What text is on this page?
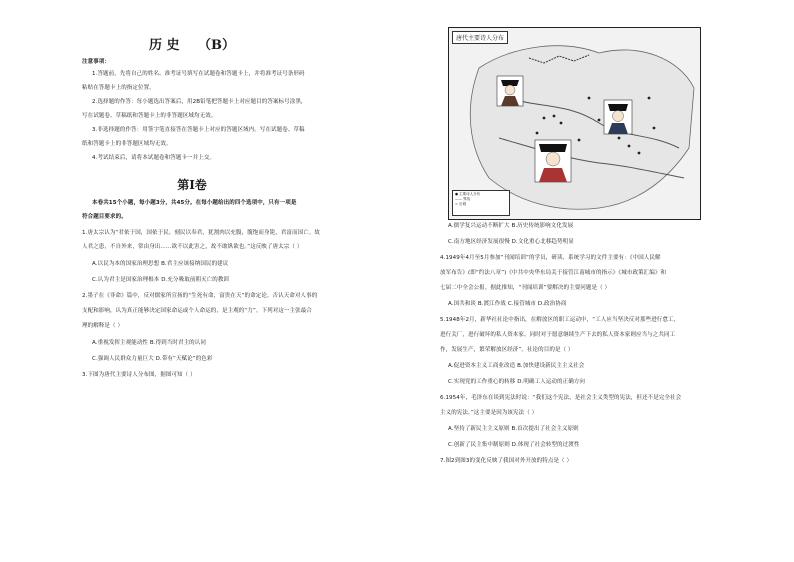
历 史 （B）

注意事项：

1.答题前，先将自己的姓名、准考证号填写在试题卷和答题卡上，并将准考证号条形码

粘贴在答题卡上的指定位置。

2.选择题的作答：每小题选出答案后，用2B铅笔把答题卡上对应题目的答案标号涂黑，

写在试题卷、草稿纸和答题卡上的非答题区域均无效。

3.非选择题的作答：用签字笔直接答在答题卡上对应的答题区域内。写在试题卷、草稿

纸和答题卡上的非答题区域均无效。

4.考试结束后，请将本试题卷和答题卡一并上交。

第Ⅰ卷

本卷共15个小题，每小题3分，共45分。在每小题给出的四个选项中，只有一项是

符合题目要求的。

1.唐太宗认为“君依于国，国依于民。刻民以奉君，犹割肉以充腹，腹饱而身毙，君富而国亡。故

人君之患，不自外来，常由身出……欲不以此害之，故不敢纵欲也。”这反映了唐太宗（ ）

A.以民为本的国家治理思想 B.君主应该接纳国民的建议

C.认为君主是国家治理根本 D.充分吸取前朝灭亡的教训

2.墨子在《非命》篇中，反对儒家所宣扬的“生死有命，富贵在天”的命定论，否认天命对人事的

支配和影响，认为真正能够决定国家命运或个人命运的，是主观的“力”。下列对这一主张最合

理的解释是（ ）

A.重视发挥主观能动性 B.得到当时君主的认同

C.强调人民群众力量巨大 D.带有“天赋论”的色彩

3.下图为唐代主要诗人分布图，据图可知（ ）

唐代主要诗人分布
● 主要诗人分布
—— 界线
= 长城

A.儒学复兴运动不断扩大 B.历史传统影响文化发展

C.南方地区经济发展很慢 D.文化重心北移趋势明显

4.1949年4月至5月参加“刊闻培训”的学员，研读、系统学习的文件主要有：《中国人民解

放军布告》(即“约法八章”)《中共中央华东局关于接管江南城市的指示》《城市政策汇编》和

七届二中全会公报。据此推知，“刊闻培训”要解决的主要问题是（ ）

A.国共和谈 B.渡江作战 C.接管城市 D.政治协商

5.1948年2月，新华社社论中指出，在解放区的职工运动中，“工人应当坚决反对那些进行怠工，

进行关厂，进行破坏的私人资本家。同时对于愿意继续生产下去的私人资本家则应当与之共同工

作，发展生产，繁荣解放区经济”。社论的目的是（ ）

A.促进资本主义工商业改造 B.加快建设新民主主义社会

C.实现党的工作重心的转移 D.明确工人运动的正确方向

6.1954年，毛泽东在谈到宪法时说：“我们这个宪法，是社会主义类型的宪法，但还不是完全社会

主义的宪法。”这主要是因为该宪法（ ）

A.坚持了新民主主义原则 B.首次提出了社会主义原则

C.创新了民主集中制原则 D.体现了社会转型的过渡性

7.图2到图3的变化反映了我国对外开放的特点是（ ）
